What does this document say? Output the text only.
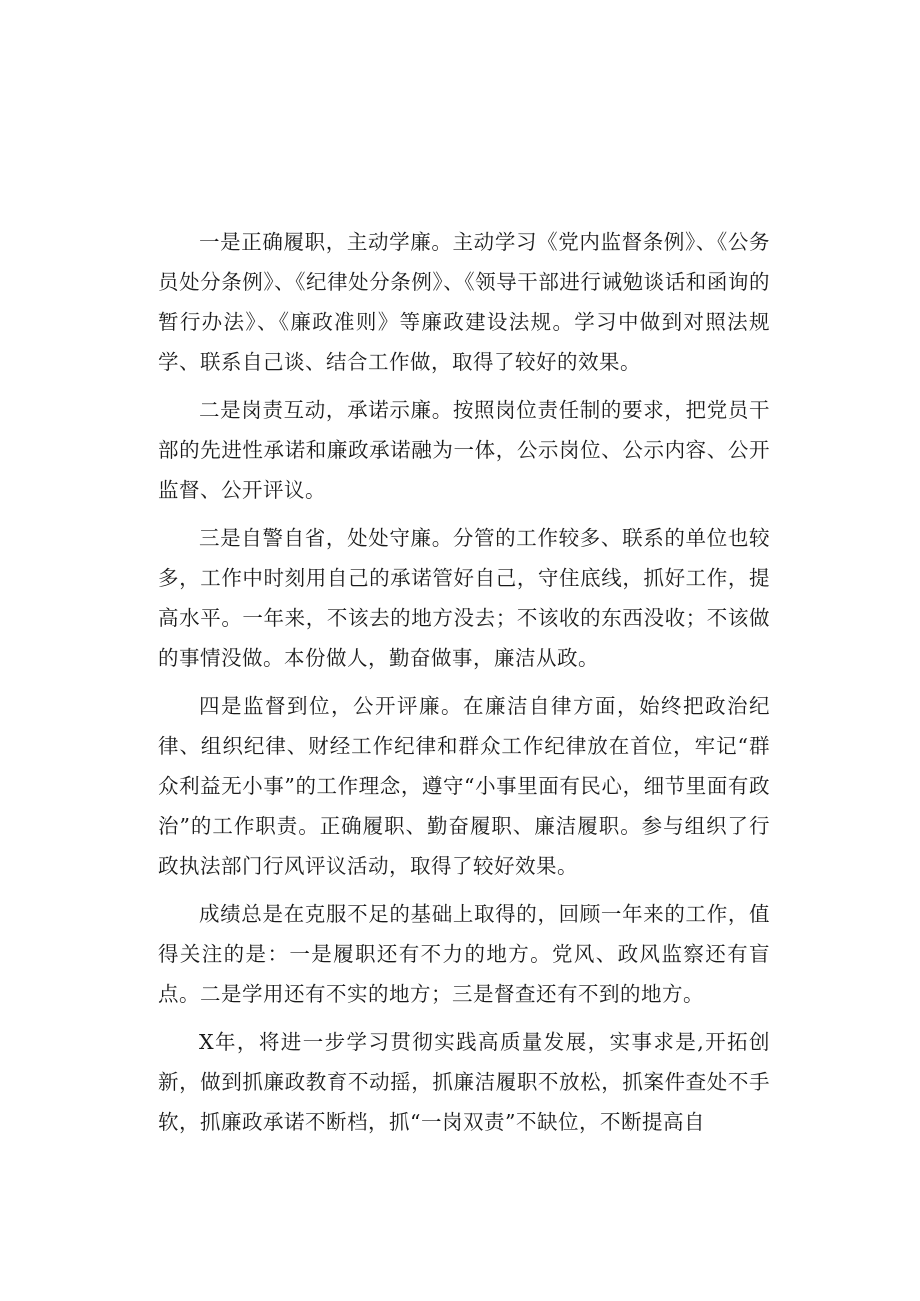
一是正确履职，主动学廉。主动学习《党内监督条例》、《公务员处分条例》、《纪律处分条例》、《领导干部进行诫勉谈话和函询的暂行办法》、《廉政准则》等廉政建设法规。学习中做到对照法规学、联系自己谈、结合工作做，取得了较好的效果。

二是岗责互动，承诺示廉。按照岗位责任制的要求，把党员干部的先进性承诺和廉政承诺融为一体，公示岗位、公示内容、公开监督、公开评议。

三是自警自省，处处守廉。分管的工作较多、联系的单位也较多，工作中时刻用自己的承诺管好自己，守住底线，抓好工作，提高水平。一年来，不该去的地方没去；不该收的东西没收；不该做的事情没做。本份做人，勤奋做事，廉洁从政。

四是监督到位，公开评廉。在廉洁自律方面，始终把政治纪律、组织纪律、财经工作纪律和群众工作纪律放在首位，牢记“群众利益无小事”的工作理念，遵守“小事里面有民心，细节里面有政治”的工作职责。正确履职、勤奋履职、廉洁履职。参与组织了行政执法部门行风评议活动，取得了较好效果。

成绩总是在克服不足的基础上取得的，回顾一年来的工作，值得关注的是：一是履职还有不力的地方。党风、政风监察还有盲点。二是学用还有不实的地方；三是督查还有不到的地方。

X年，将进一步学习贯彻实践高质量发展，实事求是,开拓创新，做到抓廉政教育不动摇，抓廉洁履职不放松，抓案件查处不手软，抓廉政承诺不断档，抓“一岗双责”不缺位，不断提高自
